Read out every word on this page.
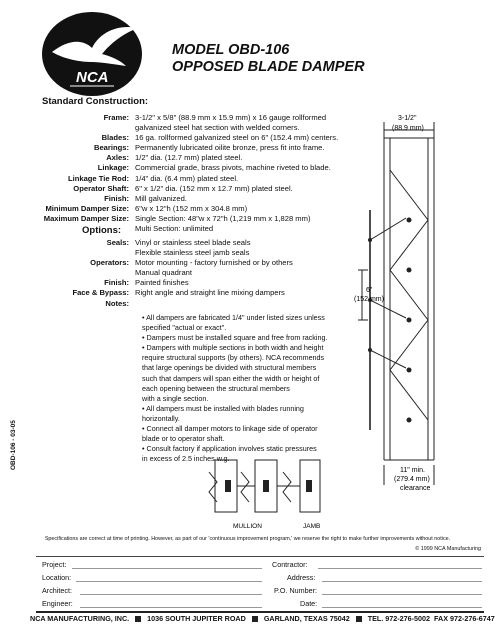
NCA
MODEL OBD-106
OPPOSED BLADE DAMPER
Standard Construction:
Frame:	3-1/2" x 5/8" (88.9 mm x 15.9 mm) x 16 gauge rollformed
	galvanized steel hat section with welded corners.
Blades:	16 ga. rollformed galvanized steel on 6" (152.4 mm) centers.
Bearings:	Permanently lubricated oilite bronze, press fit into frame.
Axles:	1/2" dia. (12.7 mm) plated steel.
Linkage:	Commercial grade, brass pivots, machine riveted to blade.
Linkage Tie Rod:	1/4" dia. (6.4 mm) plated steel.
Operator Shaft:	6" x 1/2" dia. (152 mm x 12.7 mm) plated steel.
Finish:	Mill galvanized.
Minimum Damper Size:	6"w x 12"h (152 mm x 304.8 mm)
Maximum Damper Size:	Single Section: 48"w x 72"h (1,219 mm x 1,828 mm)
	Multi Section: unlimited
Options:
Seals:	Vinyl or stainless steel blade seals
	Flexible stainless steel jamb seals
Operators:	Motor mounting - factory furnished or by others
	Manual quadrant
Finish:	Painted finishes
Face & Bypass:	Right angle and straight line mixing dampers
Notes:	
• All dampers are fabricated 1/4" under listed sizes unless
specified "actual or exact".
• Dampers must be installed square and free from racking.
• Dampers with multiple sections in both width and height
require structural supports (by others). NCA recommends
that large openings be divided with structural members
such that dampers will span either the width or height of
each opening between the structural members
with a single section.
• All dampers must be installed with blades running
horizontally.
• Connect all damper motors to linkage side of operator
blade or to operator shaft.
• Consult factory if application involves static pressures
in excess of 2.5 inches w.g.
3-1/2"
(88.9 mm)
6"
(152 mm)
11" min.
(279.4 mm)
clearance
MULLION	JAMB
OBD-106 - 03-05
Specifications are correct at time of printing. However, as part of our 'continuous improvement program,' we reserve the right to make further improvements without notice.
© 1999 NCA Manufacturing
Project:	Contractor:
Location:	Address:
Architect:	P.O. Number:
Engineer:	Date:
NCA MANUFACTURING, INC.	1036 SOUTH JUPITER ROAD	GARLAND, TEXAS 75042	TEL. 972-276-5002 FAX 972-276-6747
